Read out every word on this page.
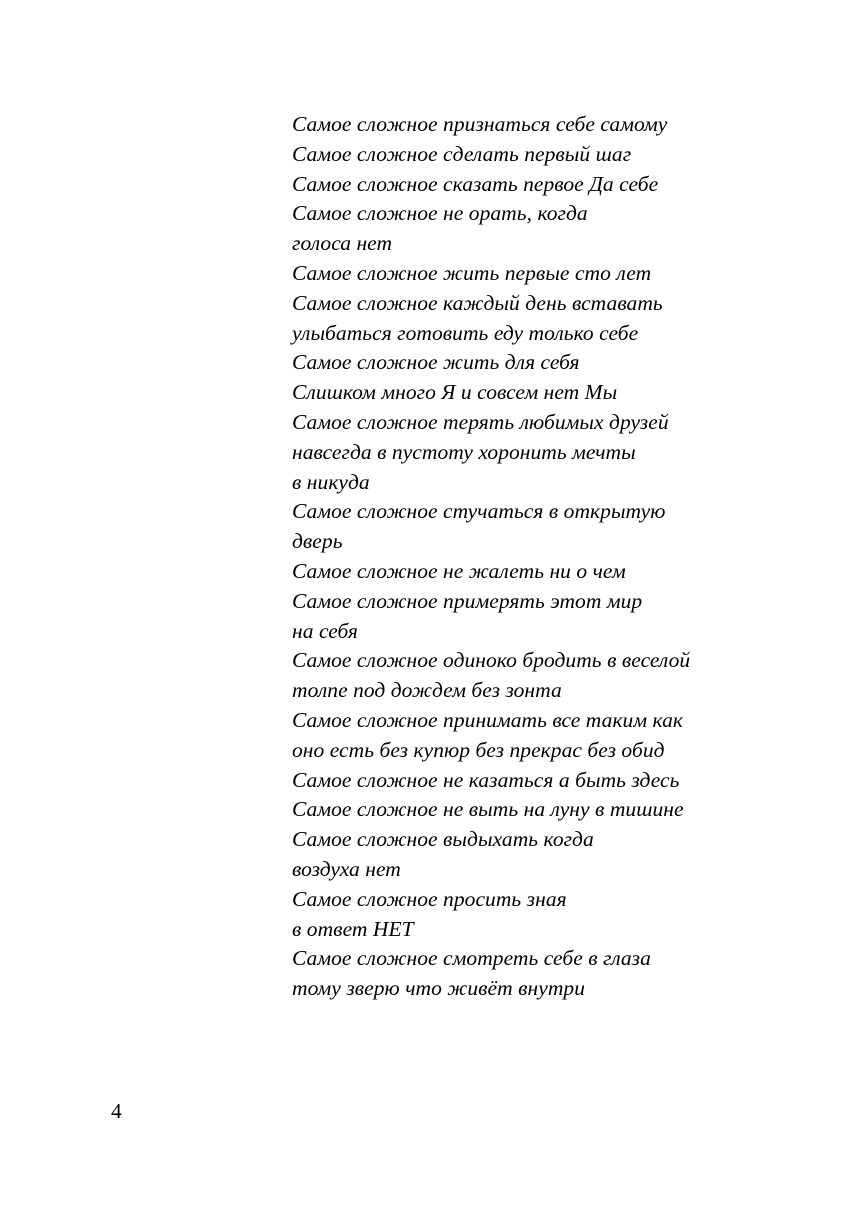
Самое сложное признаться себе самому
Самое сложное сделать первый шаг
Самое сложное сказать первое Да себе
Самое сложное не орать, когда
голоса нет
Самое сложное жить первые сто лет
Самое сложное каждый день вставать
улыбаться готовить еду только себе
Самое сложное жить для себя
Слишком много Я и совсем нет Мы
Самое сложное терять любимых друзей
навсегда в пустоту хоронить мечты
в никуда
Самое сложное стучаться в открытую
дверь
Самое сложное не жалеть ни о чем
Самое сложное примерять этот мир
на себя
Самое сложное одиноко бродить в веселой
толпе под дождем без зонта
Самое сложное принимать все таким как
оно есть без купюр без прекрас без обид
Самое сложное не казаться а быть здесь
Самое сложное не выть на луну в тишине
Самое сложное выдыхать когда
воздуха нет
Самое сложное просить зная
в ответ НЕТ
Самое сложное смотреть себе в глаза
тому зверю что живёт внутри
4
